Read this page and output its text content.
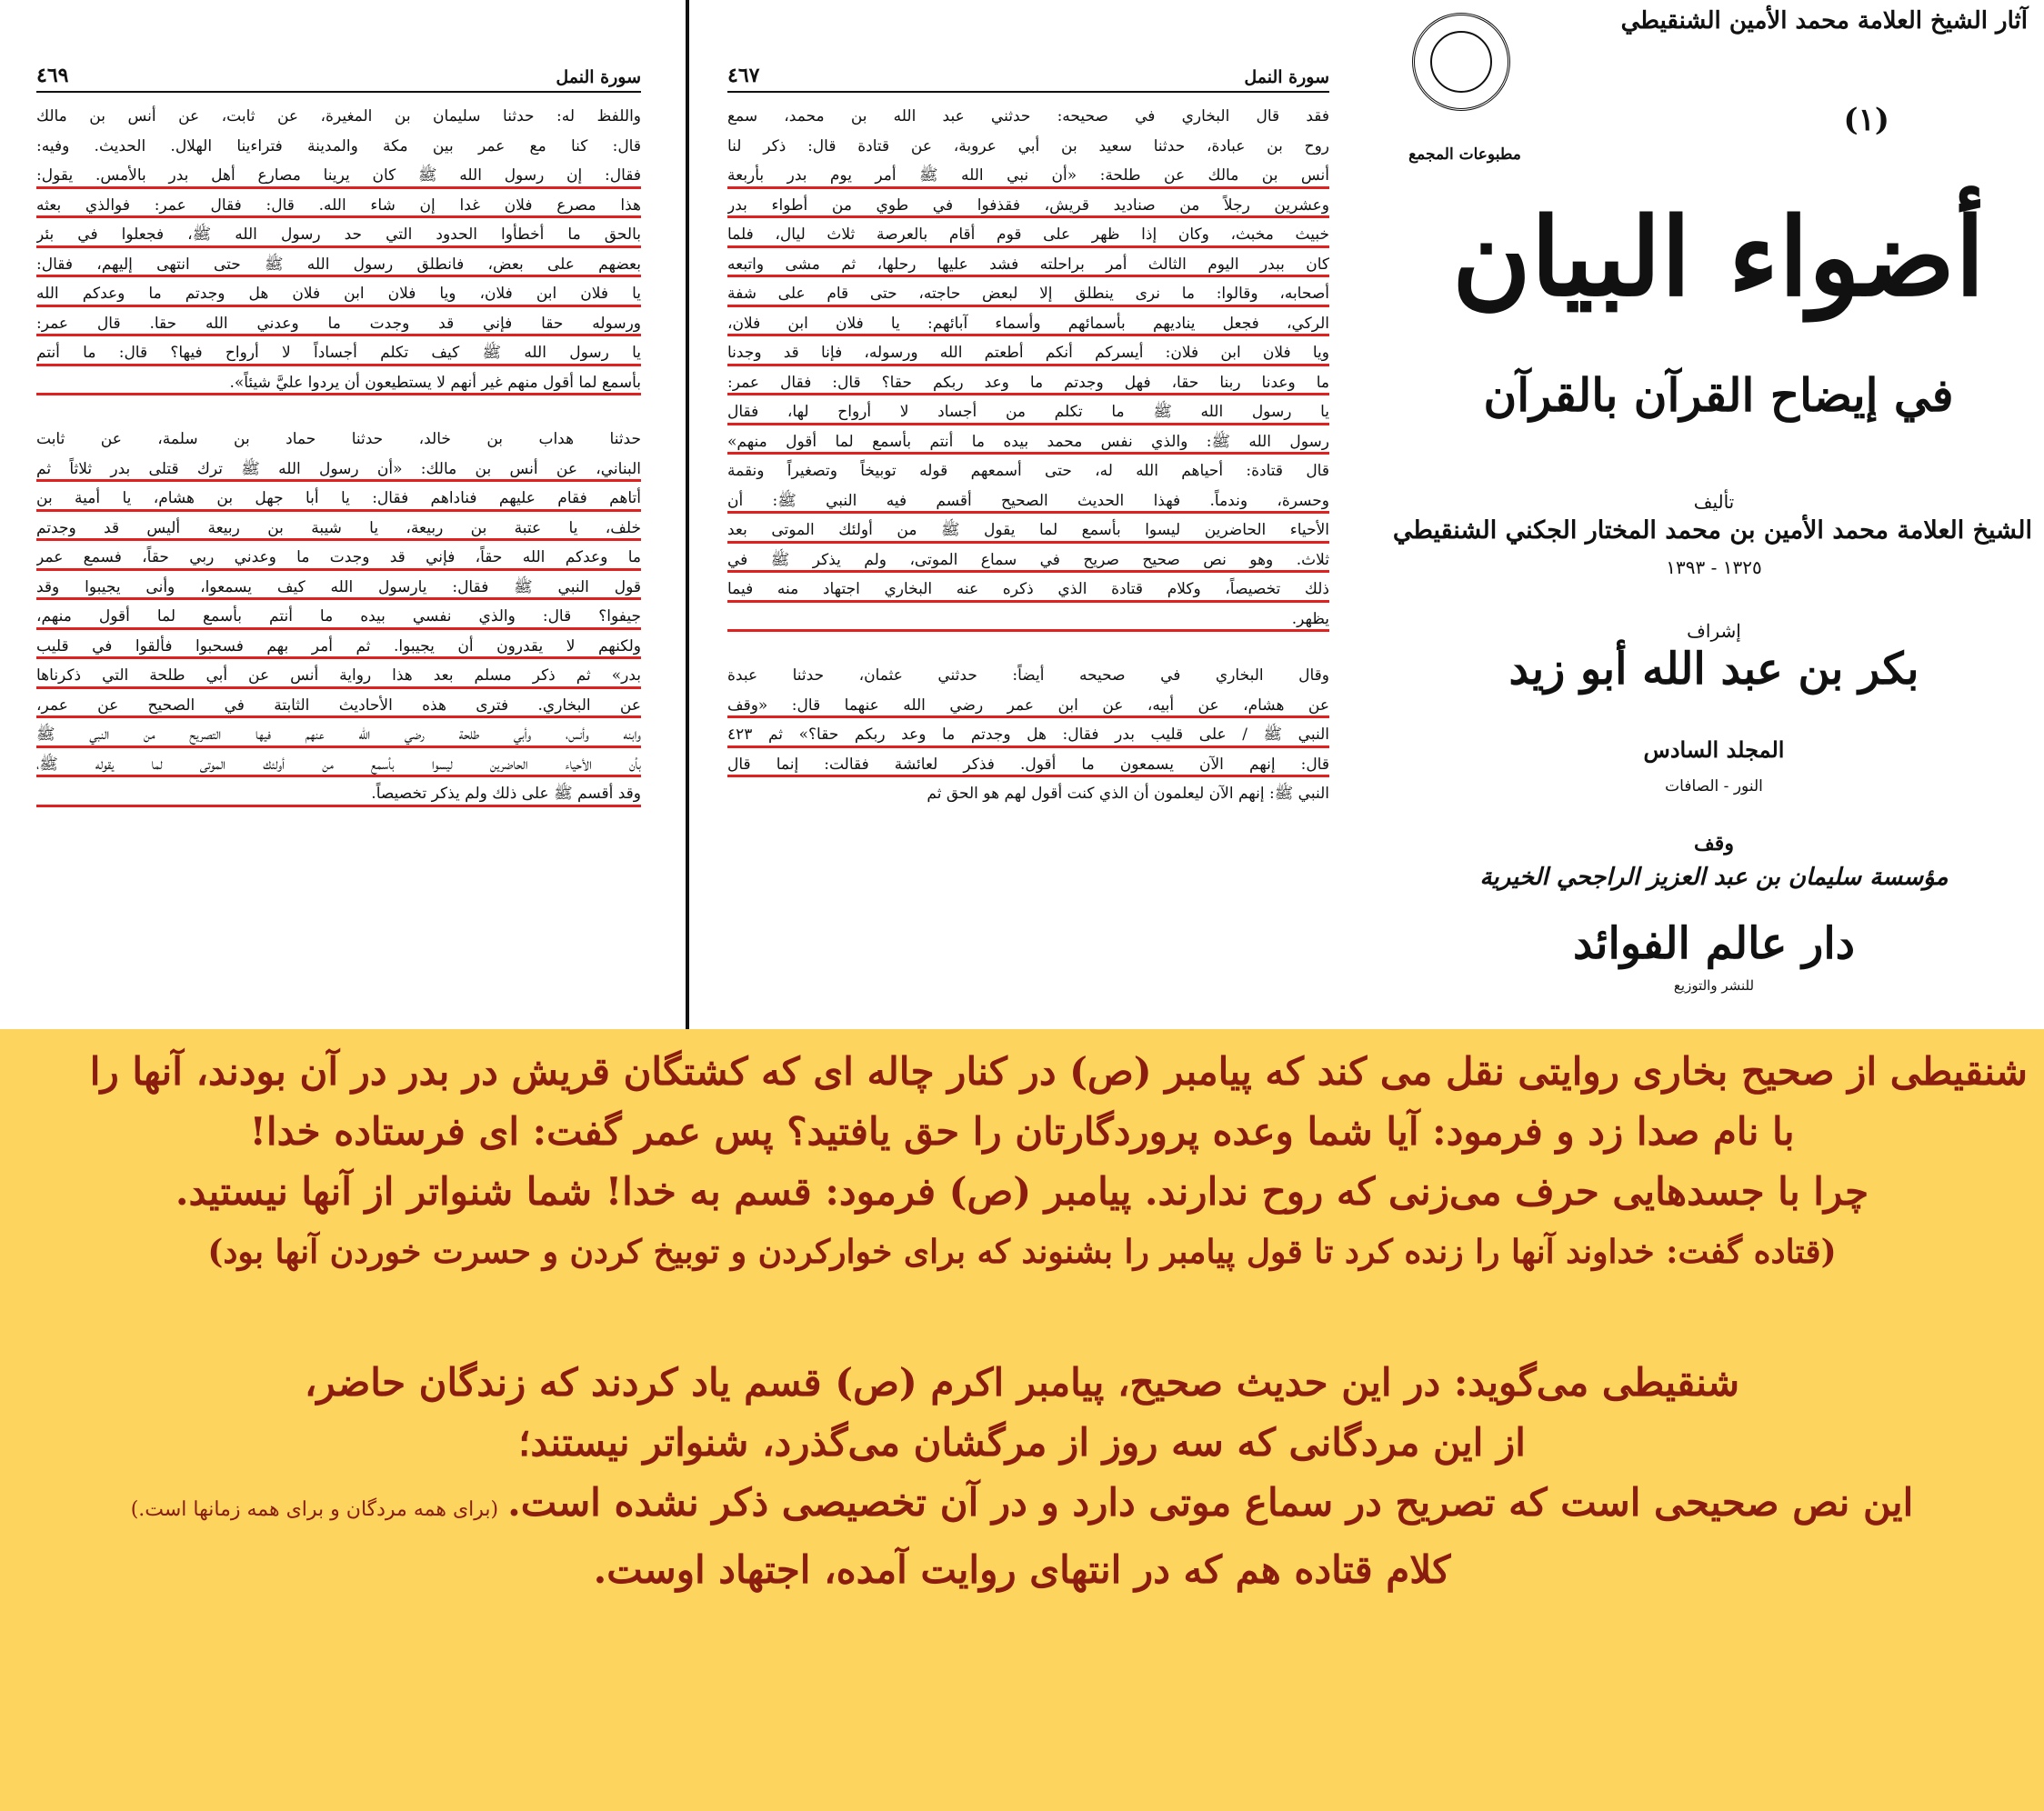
سورة النمل
٤٦٩
واللفظ له: حدثنا سليمان بن المغيرة، عن ثابت، عن أنس بن مالك
قال: كنا مع عمر بين مكة والمدينة فتراءينا الهلال. الحديث. وفيه:
فقال: إن رسول الله ﷺ كان يرينا مصارع أهل بدر بالأمس. يقول:
هذا مصرع فلان غدا إن شاء الله. قال: فقال عمر: فوالذي بعثه
بالحق ما أخطأوا الحدود التي حد رسول الله ﷺ، فجعلوا في بئر
بعضهم على بعض، فانطلق رسول الله ﷺ حتى انتهى إليهم، فقال:
يا فلان ابن فلان، ويا فلان ابن فلان هل وجدتم ما وعدكم الله
ورسوله حقا فإني قد وجدت ما وعدني الله حقا. قال عمر:
يا رسول الله ﷺ كيف تكلم أجساداً لا أرواح فيها؟ قال: ما أنتم
بأسمع لما أقول منهم غير أنهم لا يستطيعون أن يردوا عليَّ شيئاً».
حدثنا هداب بن خالد، حدثنا حماد بن سلمة، عن ثابت
البناني، عن أنس بن مالك: «أن رسول الله ﷺ ترك قتلى بدر ثلاثاً ثم
أتاهم فقام عليهم فناداهم فقال: يا أبا جهل بن هشام، يا أمية بن
خلف، يا عتبة بن ربيعة، يا شيبة بن ربيعة أليس قد وجدتم
ما وعدكم الله حقاً، فإني قد وجدت ما وعدني ربي حقاً، فسمع عمر
قول النبي ﷺ فقال: يارسول الله كيف يسمعوا، وأنى يجيبوا وقد
جيفوا؟ قال: والذي نفسي بيده ما أنتم بأسمع لما أقول منهم،
ولكنهم لا يقدرون أن يجيبوا. ثم أمر بهم فسحبوا فألقوا في قليب
بدر» ثم ذكر مسلم بعد هذا رواية أنس عن أبي طلحة التي ذكرناها
عن البخاري. فترى هذه الأحاديث الثابتة في الصحيح عن عمر،
وابنه وأنس، وأبي طلحة رضي الله عنهم فيها التصريح من النبي ﷺ
بأن الأحياء الحاضرين ليسوا بأسمع من أولئك الموتى لما يقوله ﷺ،
وقد أقسم ﷺ على ذلك ولم يذكر تخصيصاً.
سورة النمل
٤٦٧
فقد قال البخاري في صحيحه: حدثني عبد الله بن محمد، سمع
روح بن عبادة، حدثنا سعيد بن أبي عروبة، عن قتادة قال: ذكر لنا
أنس بن مالك عن طلحة: «أن نبي الله ﷺ أمر يوم بدر بأربعة
وعشرين رجلاً من صناديد قريش، فقذفوا في طوي من أطواء بدر
خبيث مخبث، وكان إذا ظهر على قوم أقام بالعرصة ثلاث ليال، فلما
كان ببدر اليوم الثالث أمر براحلته فشد عليها رحلها، ثم مشى واتبعه
أصحابه، وقالوا: ما نرى ينطلق إلا لبعض حاجته، حتى قام على شفة
الركي، فجعل يناديهم بأسمائهم وأسماء آبائهم: يا فلان ابن فلان،
ويا فلان ابن فلان: أيسركم أنكم أطعتم الله ورسوله، فإنا قد وجدنا
ما وعدنا ربنا حقا، فهل وجدتم ما وعد ربكم حقا؟ قال: فقال عمر:
يا رسول الله ﷺ ما تكلم من أجساد لا أرواح لها، فقال
رسول الله ﷺ: والذي نفس محمد بيده ما أنتم بأسمع لما أقول منهم»
قال قتادة: أحياهم الله له، حتى أسمعهم قوله توبيخاً وتصغيراً ونقمة
وحسرة، وندماً. فهذا الحديث الصحيح أقسم فيه النبي ﷺ: أن
الأحياء الحاضرين ليسوا بأسمع لما يقول ﷺ من أولئك الموتى بعد
ثلاث. وهو نص صحيح صريح في سماع الموتى، ولم يذكر ﷺ في
ذلك تخصيصاً، وكلام قتادة الذي ذكره عنه البخاري اجتهاد منه فيما
يظهر.
وقال البخاري في صحيحه أيضاً: حدثني عثمان، حدثنا عبدة
عن هشام، عن أبيه، عن ابن عمر رضي الله عنهما قال: «وقف
النبي ﷺ / على قليب بدر فقال: هل وجدتم ما وعد ربكم حقا؟» ثم ٤٢٣
قال: إنهم الآن يسمعون ما أقول. فذكر لعائشة فقالت: إنما قال
النبي ﷺ: إنهم الآن ليعلمون أن الذي كنت أقول لهم هو الحق ثم
آثار الشيخ العلامة محمد الأمين الشنقيطي
(١)
مطبوعات المجمع
أضواء البيان
في إيضاح القرآن بالقرآن
تأليف
الشيخ العلامة محمد الأمين بن محمد المختار الجكني الشنقيطي
١٣٢٥ - ١٣٩٣
إشراف
بكر بن عبد الله أبو زيد
المجلد السادس
النور - الصافات
وقف
مؤسسة سليمان بن عبد العزيز الراجحي الخيرية
دار عالم الفوائد
للنشر والتوزيع
شنقيطی از صحیح بخاری روایتی نقل می کند که پیامبر (ص) در کنار چاله ای که کشتگان قریش در بدر در آن بودند، آنها را
با نام صدا زد و فرمود: آیا شما وعده پروردگارتان را حق یافتید؟ پس عمر گفت: ای فرستاده خدا!
چرا با جسدهایی حرف می‌زنی که روح ندارند. پیامبر (ص) فرمود: قسم به خدا! شما شنواتر از آنها نیستید.
(قتاده گفت: خداوند آنها را زنده کرد تا قول پیامبر را بشنوند که برای خوارکردن و توبیخ کردن و حسرت خوردن آنها بود)
شنقیطی می‌گوید: در این حدیث صحیح، پیامبر اکرم (ص) قسم یاد کردند که زندگان حاضر،
از این مردگانی که سه روز از مرگشان می‌گذرد، شنواتر نیستند؛
این نص صحیحی است که تصریح در سماع موتی دارد و در آن تخصیصی ذکر نشده است.(برای همه مردگان و برای همه زمانها است.)
کلام قتاده هم که در انتهای روایت آمده، اجتهاد اوست.
